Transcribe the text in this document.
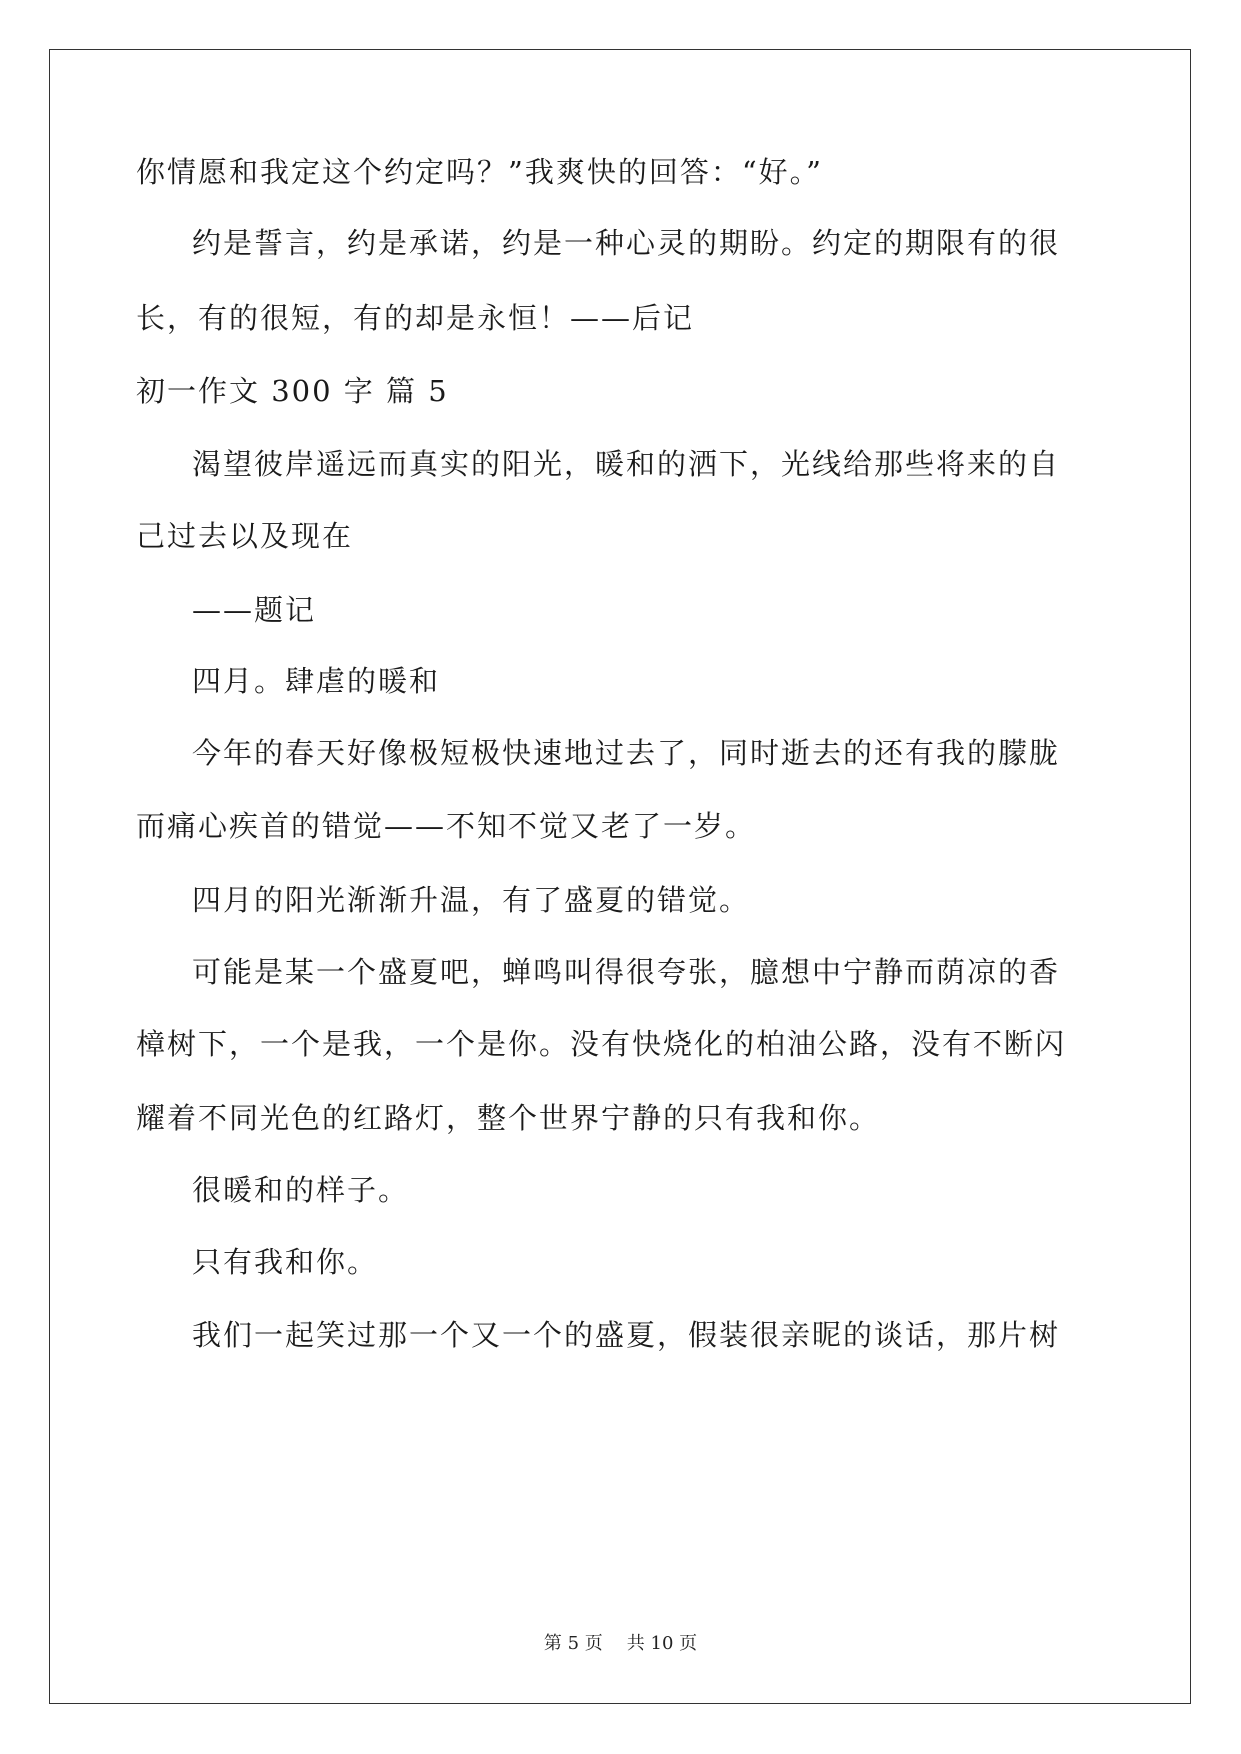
你情愿和我定这个约定吗？”我爽快的回答：“好。”
约是誓言，约是承诺，约是一种心灵的期盼。约定的期限有的很
长，有的很短，有的却是永恒！——后记
初一作文 300 字 篇 5
渴望彼岸遥远而真实的阳光，暖和的洒下，光线给那些将来的自
己过去以及现在
——题记
四月。肆虐的暖和
今年的春天好像极短极快速地过去了，同时逝去的还有我的朦胧
而痛心疾首的错觉——不知不觉又老了一岁。
四月的阳光渐渐升温，有了盛夏的错觉。
可能是某一个盛夏吧，蝉鸣叫得很夸张，臆想中宁静而荫凉的香
樟树下，一个是我，一个是你。没有快烧化的柏油公路，没有不断闪
耀着不同光色的红路灯，整个世界宁静的只有我和你。
很暖和的样子。
只有我和你。
我们一起笑过那一个又一个的盛夏，假装很亲昵的谈话，那片树
第 5 页 共 10 页
